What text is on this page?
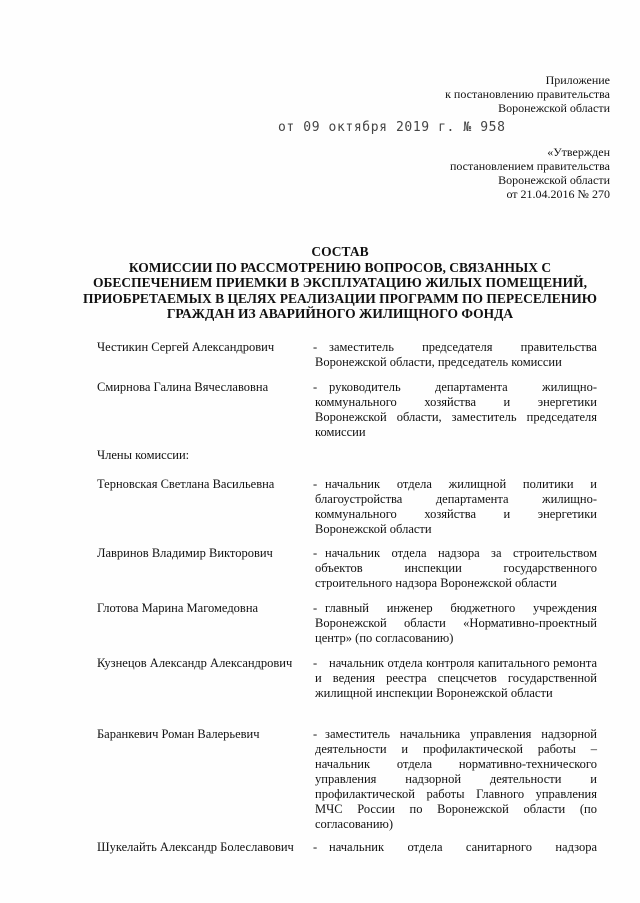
Приложение
к постановлению правительства
Воронежской области
от 09 октября 2019 г. № 958
«Утвержден
постановлением правительства
Воронежской области
от 21.04.2016 № 270
СОСТАВ
КОМИССИИ ПО РАССМОТРЕНИЮ ВОПРОСОВ, СВЯЗАННЫХ С
ОБЕСПЕЧЕНИЕМ ПРИЕМКИ В ЭКСПЛУАТАЦИЮ ЖИЛЫХ ПОМЕЩЕНИЙ,
ПРИОБРЕТАЕМЫХ В ЦЕЛЯХ РЕАЛИЗАЦИИ ПРОГРАММ ПО ПЕРЕСЕЛЕНИЮ
ГРАЖДАН ИЗ АВАРИЙНОГО ЖИЛИЩНОГО ФОНДА
Честикин Сергей Александрович	- заместитель председателя правительства Воронежской области, председатель комиссии
Смирнова Галина Вячеславовна	- руководитель департамента жилищно-коммунального хозяйства и энергетики Воронежской области, заместитель председателя комиссии
Члены комиссии:
Терновская Светлана Васильевна	- начальник отдела жилищной политики и благоустройства департамента жилищно-коммунального хозяйства и энергетики Воронежской области
Лавринов Владимир Викторович	- начальник отдела надзора за строительством объектов инспекции государственного строительного надзора Воронежской области
Глотова Марина Магомедовна	- главный инженер бюджетного учреждения Воронежской области «Нормативно-проектный центр» (по согласованию)
Кузнецов Александр Александрович - начальник отдела контроля капитального ремонта и ведения реестра спецсчетов государственной жилищной инспекции Воронежской области
Баранкевич Роман Валерьевич	- заместитель начальника управления надзорной деятельности и профилактической работы – начальник отдела нормативно-технического управления надзорной деятельности и профилактической работы Главного управления МЧС России по Воронежской области (по согласованию)
Шукелайть Александр Болеславович - начальник отдела санитарного надзора
